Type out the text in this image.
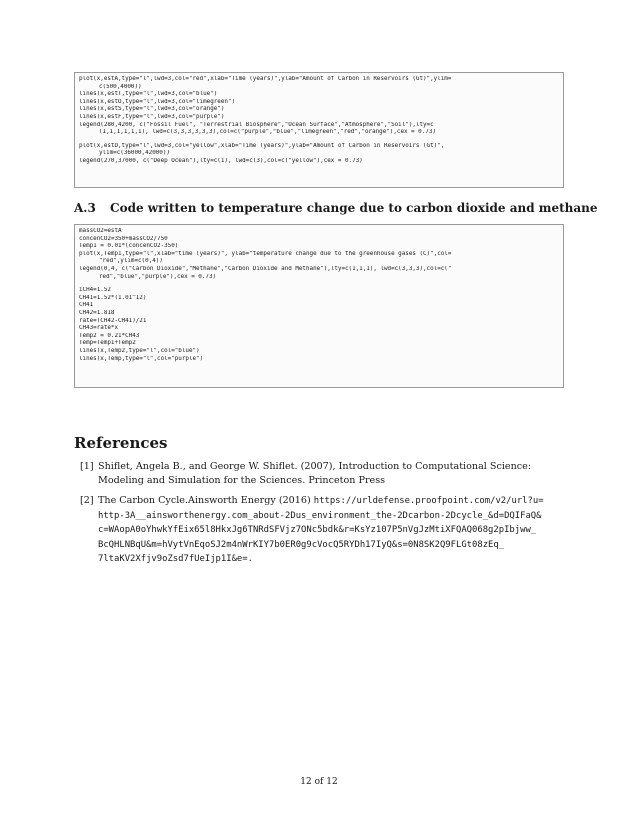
plot(x,estA,type="l",lwd=3,col="red",xlab="Time (years)",ylab="Amount of Carbon in Reservoirs (Gt)",ylim=
c(500,4000))
lines(x,estT,type="l",lwd=3,col="blue")
lines(x,estO,type="l",lwd=3,col="limegreen")
lines(x,estS,type="l",lwd=3,col="orange")
lines(x,estF,type="l",lwd=3,col="purple")
legend(280,4200, c("Fossil Fuel", "Terrestrial Biosphere","Ocean Surface","Atmosphere","Soil"),lty=c
(1,1,1,1,1,1), lwd=c(3,3,3,3,3,3),col=c("purple","blue","limegreen","red","orange"),cex = 0.73)
plot(x,estD,type="l",lwd=3,col="yellow",xlab="Time (years)",ylab="Amount of Carbon in Reservoirs (Gt)",
ylim=c(36000,42000))
legend(270,37000, c("Deep Ocean"),lty=c(1), lwd=c(3),col=c("yellow"),cex = 0.73)
A.3 Code written to temperature change due to carbon dioxide and methane
massCO2=estA
concenCO2=350+massCO2/750
Temp1 = 0.01*(concenCO2-350)
plot(x,Temp1,type="l",xlab="time (years)", ylab="temperature change due to the greenhouse gases (C)",col=
"red",ylim=c(0,4))
legend(0,4, c("Carbon Dioxide","Methane","Carbon Dioxide and Methane"),lty=c(1,1,1), lwd=c(3,3,3),col=c("
red","blue","purple"),cex = 0.73)
iCH4=1.52
CH41=1.52*(1.01^12)
CH41
CH42=1.818
rate=(CH42-CH41)/21
CH43=rate*x
Temp2 = 0.21*CH43
Temp=Temp1+Temp2
lines(x,Temp2,type="l",col="blue")
lines(x,Temp,type="l",col="purple")
References
[1] Shiflet, Angela B., and George W. Shiflet. (2007), Introduction to Computational Science: Modeling and Simulation for the Sciences. Princeton Press
[2] The Carbon Cycle.Ainsworth Energy (2016) https://urldefense.proofpoint.com/v2/url?u=
http-3A__ainsworthenergy.com_about-2Dus_environment_the-2Dcarbon-2Dcycle_&d=DQIFaQ&
c=WAopA0oYhwkYfEix65l8HkxJg6TNRdSFVjz7ONc5bdk&r=KsYz107P5nVgJzMtiXFQAQ068g2pIbjww_
BcQHLNBqU&m=hVytVnEqoSJ2m4nWrKIY7b0ER0g9cVocQ5RYDh17IyQ&s=0N8SK2Q9FLGt08zEq_
7ltaKV2Xfjv9oZsd7fUeIjp1I&e=.
12 of 12
